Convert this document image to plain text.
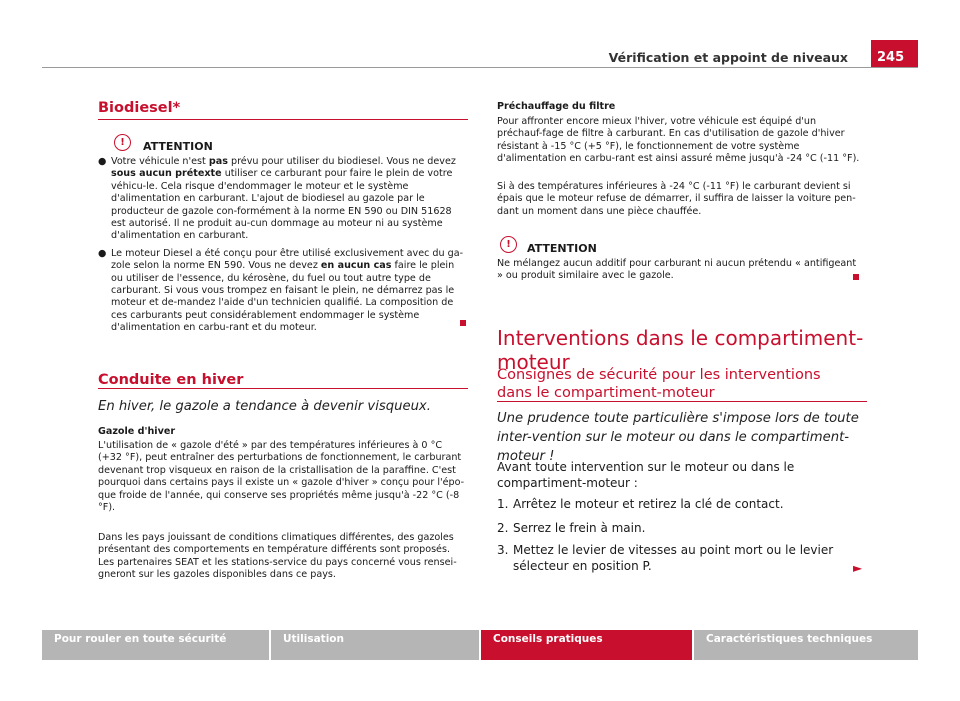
Vérification et appoint de niveaux	245
Biodiesel*
!	ATTENTION
● Votre véhicule n'est pas prévu pour utiliser du biodiesel. Vous ne devez sous aucun prétexte utiliser ce carburant pour faire le plein de votre véhicu-le. Cela risque d'endommager le moteur et le système d'alimentation en carburant. L'ajout de biodiesel au gazole par le producteur de gazole con-formément à la norme EN 590 ou DIN 51628 est autorisé. Il ne produit au-cun dommage au moteur ni au système d'alimentation en carburant.
● Le moteur Diesel a été conçu pour être utilisé exclusivement avec du ga-zole selon la norme EN 590. Vous ne devez en aucun cas faire le plein ou utiliser de l'essence, du kérosène, du fuel ou tout autre type de carburant. Si vous vous trompez en faisant le plein, ne démarrez pas le moteur et de-mandez l'aide d'un technicien qualifié. La composition de ces carburants peut considérablement endommager le système d'alimentation en carbu-rant et du moteur.
Conduite en hiver
En hiver, le gazole a tendance à devenir visqueux.
Gazole d'hiver
L'utilisation de « gazole d'été » par des températures inférieures à 0 °C (+32 °F), peut entraîner des perturbations de fonctionnement, le carburant devenant trop visqueux en raison de la cristallisation de la paraffine. C'est pourquoi dans certains pays il existe un « gazole d'hiver » conçu pour l'épo-que froide de l'année, qui conserve ses propriétés même jusqu'à -22 °C (-8 °F).
Dans les pays jouissant de conditions climatiques différentes, des gazoles présentant des comportements en température différents sont proposés. Les partenaires SEAT et les stations-service du pays concerné vous rensei-gneront sur les gazoles disponibles dans ce pays.
Préchauffage du filtre
Pour affronter encore mieux l'hiver, votre véhicule est équipé d'un préchauf-fage de filtre à carburant. En cas d'utilisation de gazole d'hiver résistant à -15 °C (+5 °F), le fonctionnement de votre système d'alimentation en carbu-rant est ainsi assuré même jusqu'à -24 °C (-11 °F).
Si à des températures inférieures à -24 °C (-11 °F) le carburant devient si épais que le moteur refuse de démarrer, il suffira de laisser la voiture pen-dant un moment dans une pièce chauffée.
!	ATTENTION
Ne mélangez aucun additif pour carburant ni aucun prétendu « antifigeant » ou produit similaire avec le gazole.
Interventions dans le compartiment-moteur
Consignes de sécurité pour les interventions dans le compartiment-moteur
Une prudence toute particulière s'impose lors de toute inter-vention sur le moteur ou dans le compartiment-moteur !
Avant toute intervention sur le moteur ou dans le compartiment-moteur :
1. Arrêtez le moteur et retirez la clé de contact.
2. Serrez le frein à main.
3. Mettez le levier de vitesses au point mort ou le levier sélecteur en position P.	►
Pour rouler en toute sécurité	Utilisation	Conseils pratiques	Caractéristiques techniques
